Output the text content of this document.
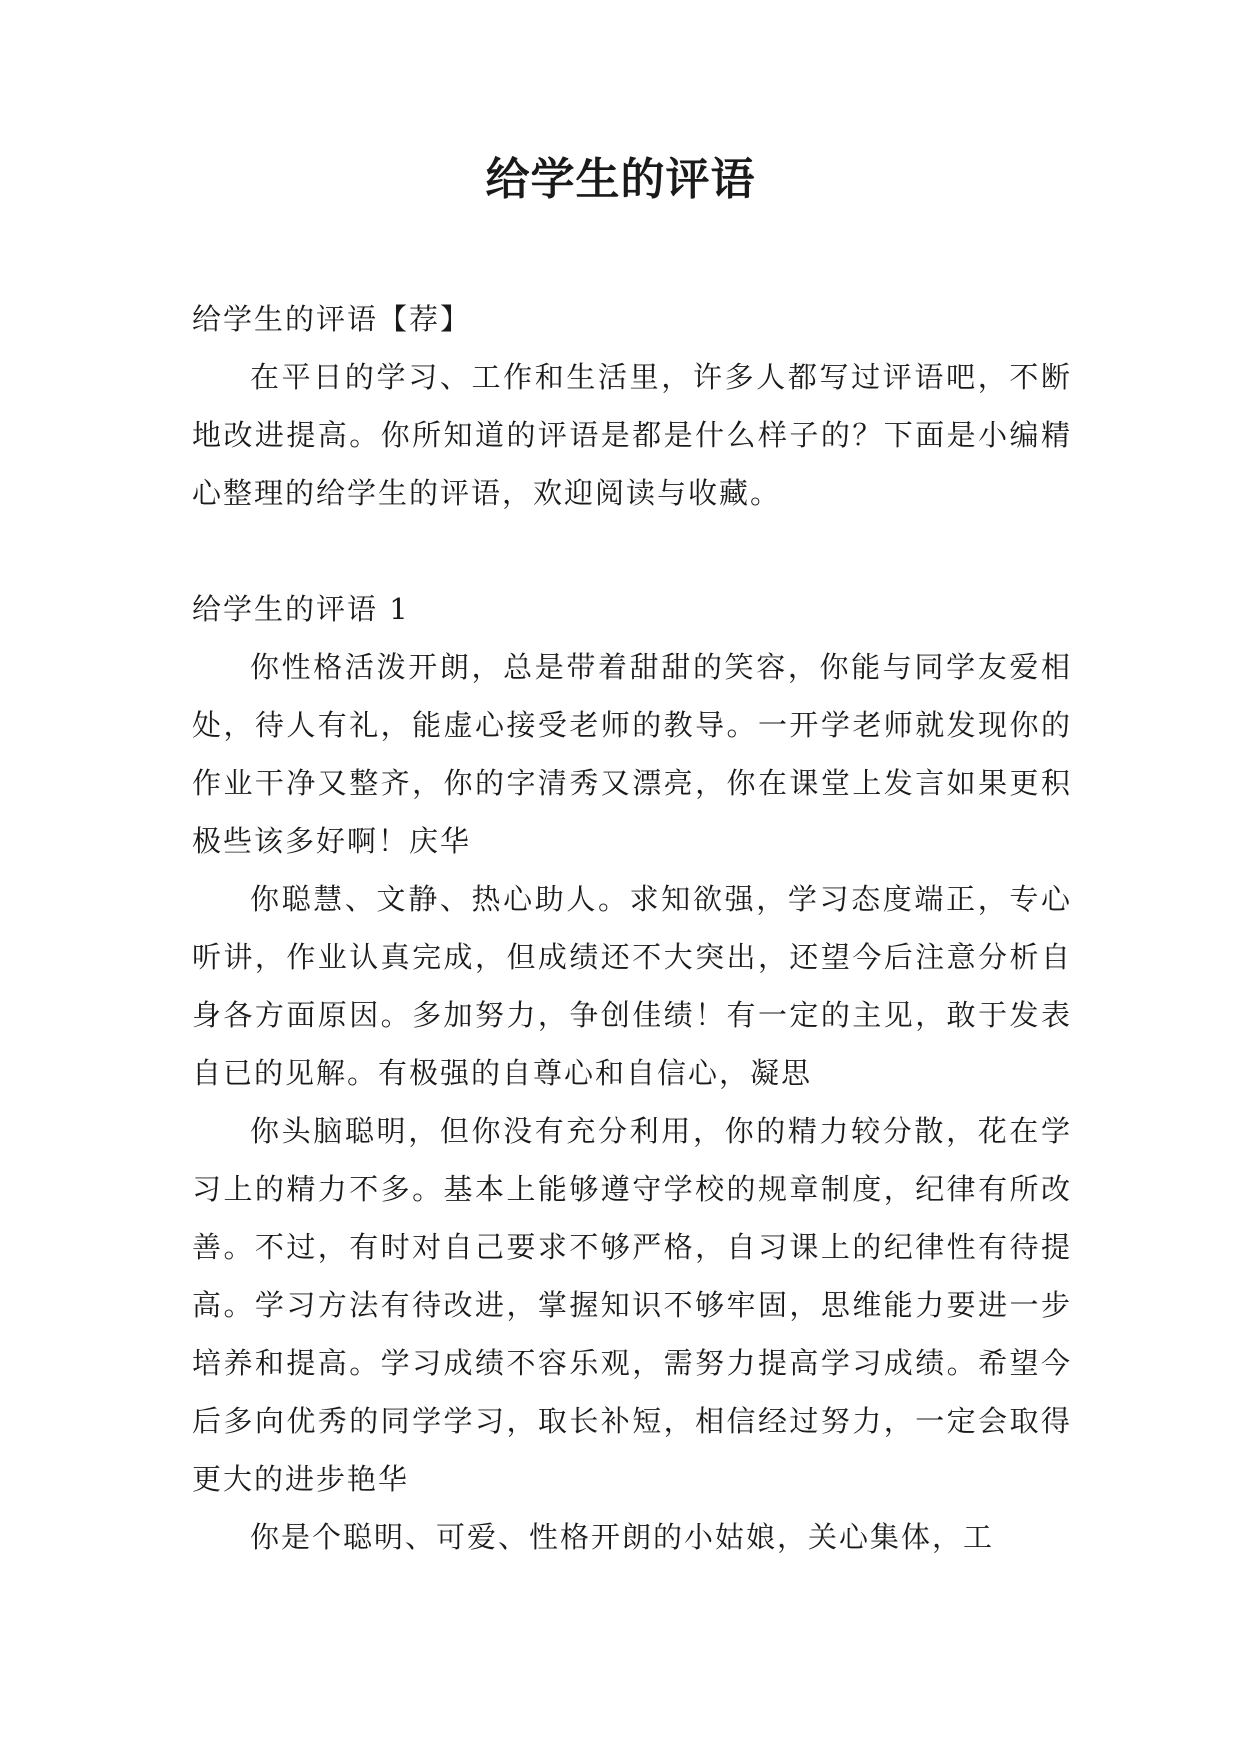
给学生的评语

给学生的评语【荐】

在平日的学习、工作和生活里，许多人都写过评语吧，不断地改进提高。你所知道的评语是都是什么样子的？下面是小编精心整理的给学生的评语，欢迎阅读与收藏。

给学生的评语 1

你性格活泼开朗，总是带着甜甜的笑容，你能与同学友爱相处，待人有礼，能虚心接受老师的教导。一开学老师就发现你的作业干净又整齐，你的字清秀又漂亮，你在课堂上发言如果更积极些该多好啊！庆华

你聪慧、文静、热心助人。求知欲强，学习态度端正，专心听讲，作业认真完成，但成绩还不大突出，还望今后注意分析自身各方面原因。多加努力，争创佳绩！有一定的主见，敢于发表自已的见解。有极强的自尊心和自信心，凝思

你头脑聪明，但你没有充分利用，你的精力较分散，花在学习上的精力不多。基本上能够遵守学校的规章制度，纪律有所改善。不过，有时对自己要求不够严格，自习课上的纪律性有待提高。学习方法有待改进，掌握知识不够牢固，思维能力要进一步培养和提高。学习成绩不容乐观，需努力提高学习成绩。希望今后多向优秀的同学学习，取长补短，相信经过努力，一定会取得更大的进步艳华

你是个聪明、可爱、性格开朗的小姑娘，关心集体，工
